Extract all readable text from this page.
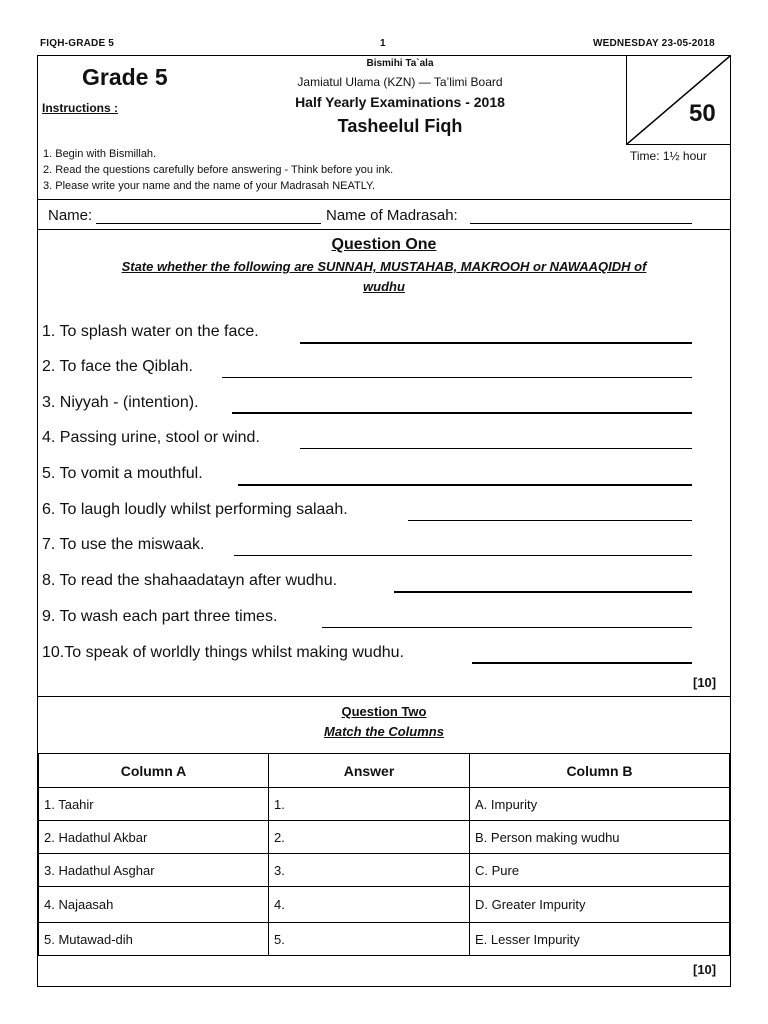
FIQH-GRADE 5	1	WEDNESDAY 23-05-2018
Grade 5
Instructions :
Bismihi Ta`ala
Jamiatul Ulama (KZN) — Ta’limi Board
Half Yearly Examinations - 2018
Tasheelul Fiqh	50
Time: 1½ hour
1. Begin with Bismillah.
2. Read the questions carefully before answering - Think before you ink.
3. Please write your name and the name of your Madrasah NEATLY.
Name:	Name of Madrasah:
Question One
State whether the following are SUNNAH, MUSTAHAB, MAKROOH or NAWAAQIDH of
wudhu
1. To splash water on the face.
2. To face the Qiblah.
3. Niyyah - (intention).
4. Passing urine, stool or wind.
5. To vomit a mouthful.
6. To laugh loudly whilst performing salaah.
7. To use the miswaak.
8. To read the shahaadatayn after wudhu.
9. To wash each part three times.
10.To speak of worldly things whilst making wudhu.
[10]
Question Two
Match the Columns
Column A	Answer	Column B
1. Taahir	1.	A. Impurity
2. Hadathul Akbar	2.	B. Person making wudhu
3. Hadathul Asghar	3.	C. Pure
4. Najaasah	4.	D. Greater Impurity
5. Mutawad-dih	5.	E. Lesser Impurity
[10]
